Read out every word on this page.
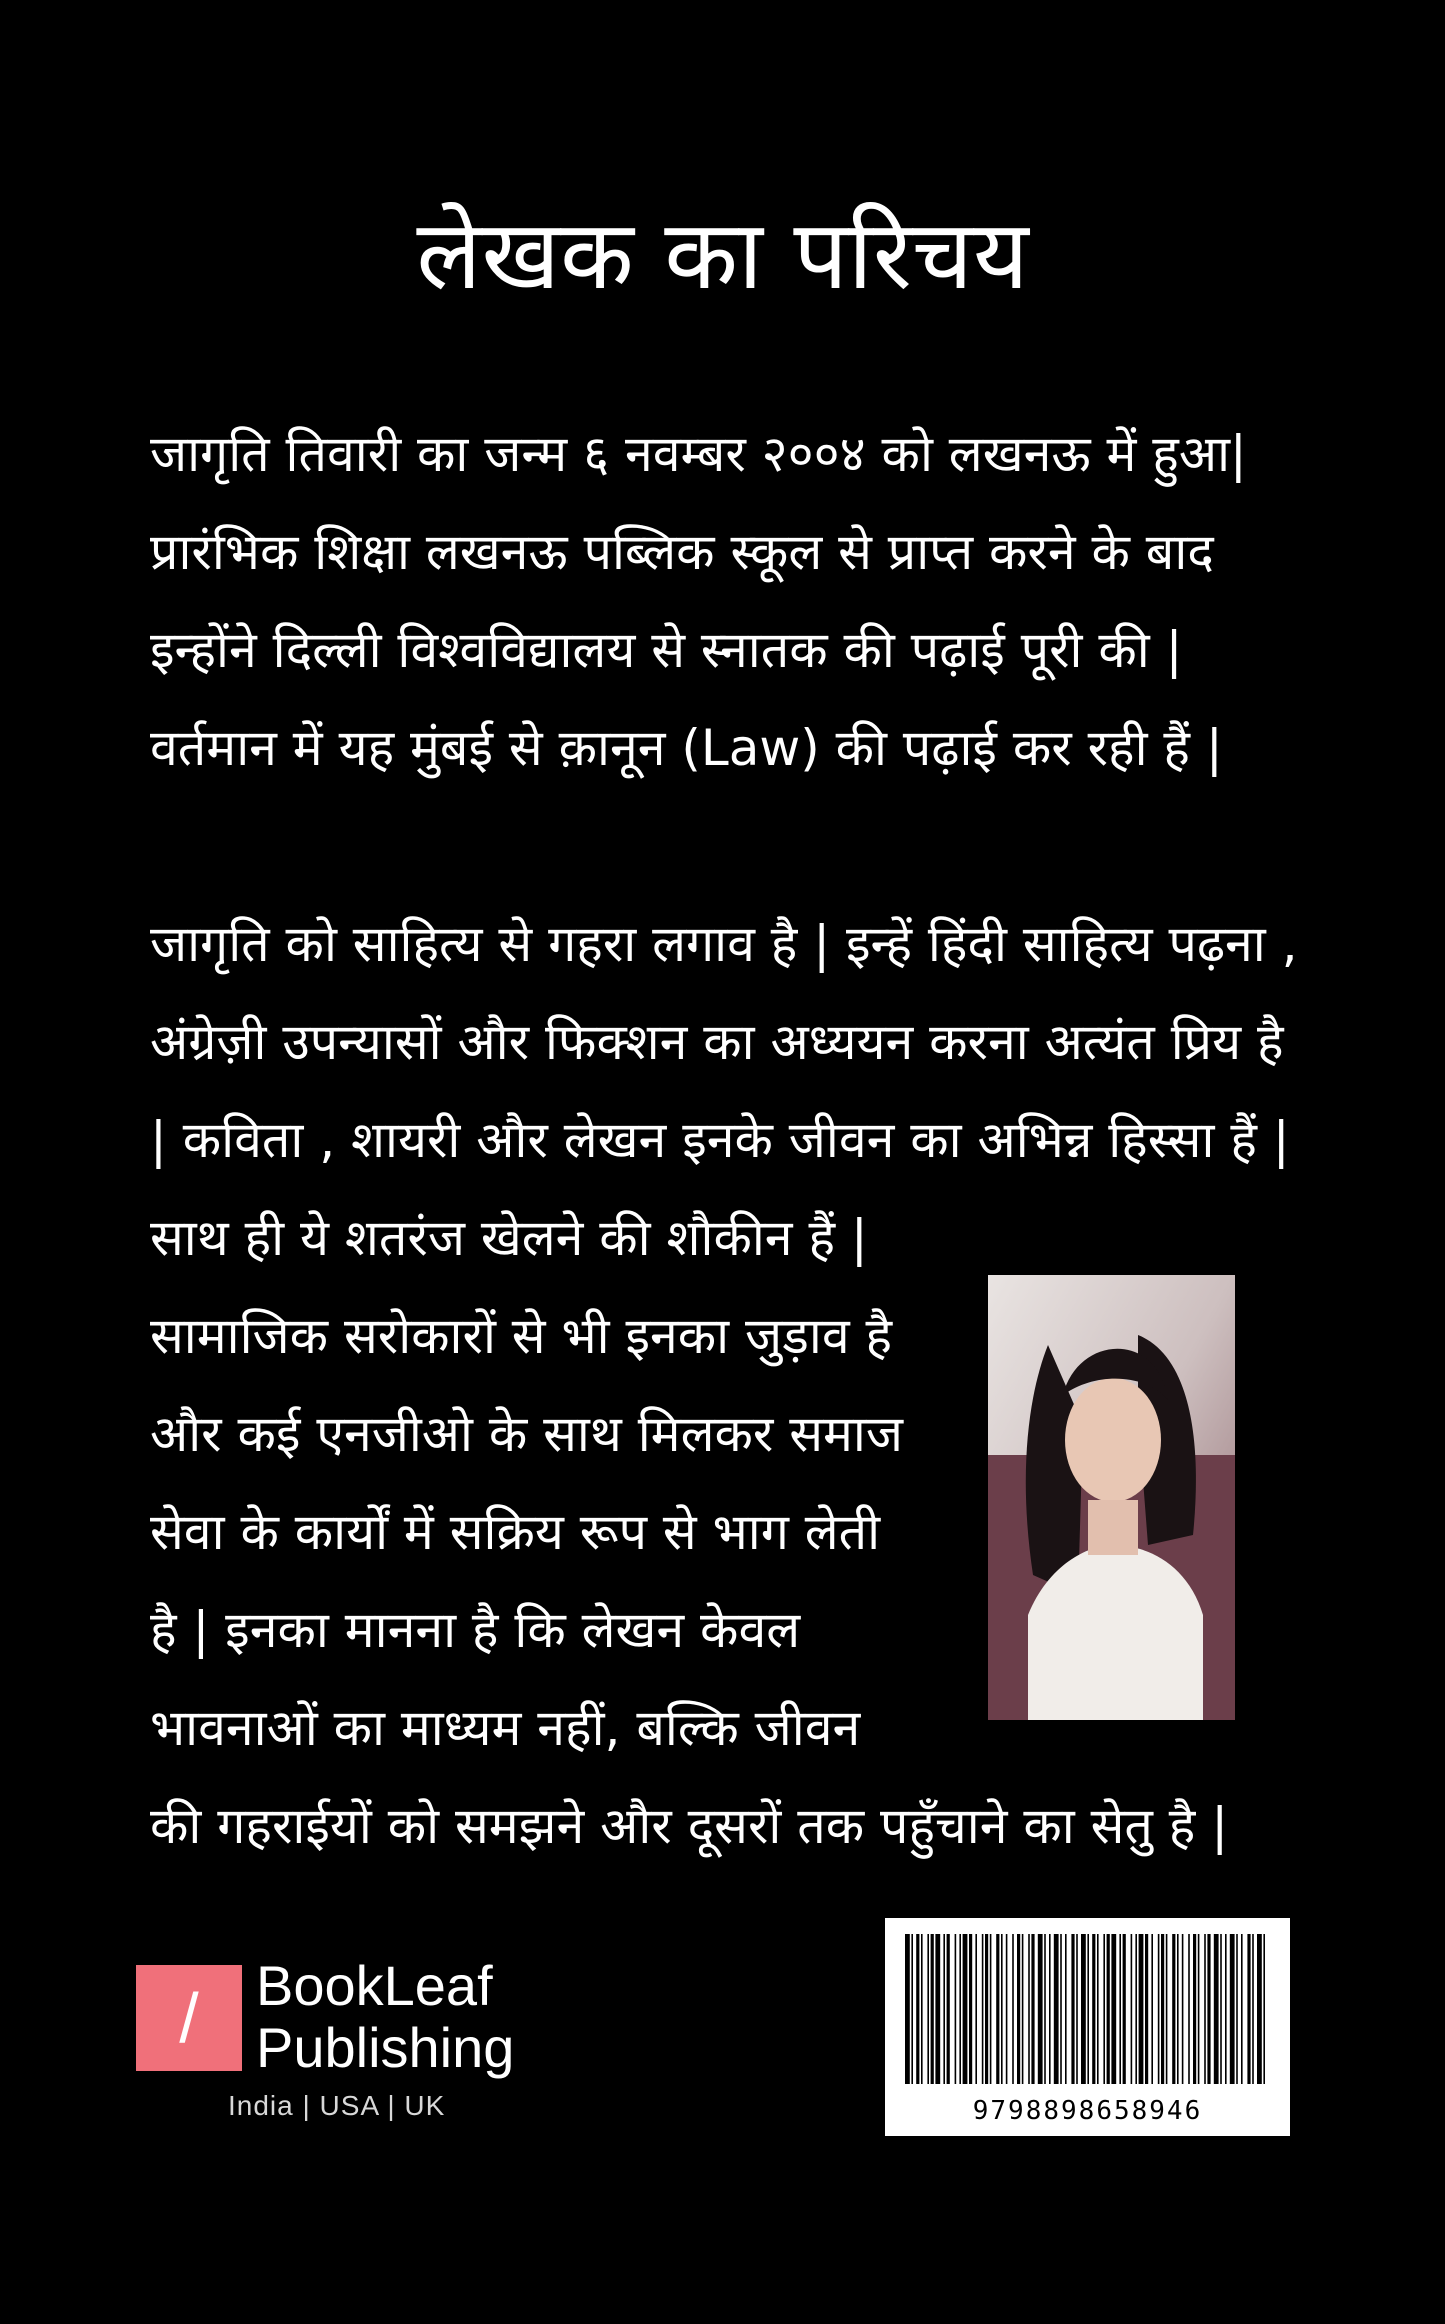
लेखक का परिचय
जागृति तिवारी का जन्म ६ नवम्बर २००४ को लखनऊ में हुआ|
प्रारंभिक शिक्षा लखनऊ पब्लिक स्कूल से प्राप्त करने के बाद
इन्होंने दिल्ली विश्वविद्यालय से स्नातक की पढ़ाई पूरी की |
वर्तमान में यह मुंबई से क़ानून (Law) की पढ़ाई कर रही हैं |
जागृति को साहित्य से गहरा लगाव है | इन्हें हिंदी साहित्य पढ़ना ,
अंग्रेज़ी उपन्यासों और फिक्शन का अध्ययन करना अत्यंत प्रिय है
| कविता , शायरी और लेखन इनके जीवन का अभिन्न हिस्सा हैं |
साथ ही ये शतरंज खेलने की शौकीन हैं |
सामाजिक सरोकारों से भी इनका जुड़ाव है
और कई एनजीओ के साथ मिलकर समाज
सेवा के कार्यों में सक्रिय रूप से भाग लेती
है | इनका मानना है कि लेखन केवल
भावनाओं का माध्यम नहीं, बल्कि जीवन
की गहराईयों को समझने और दूसरों तक पहुँचाने का सेतु है |
/	BookLeaf
Publishing
India | USA | UK	9798898658946
